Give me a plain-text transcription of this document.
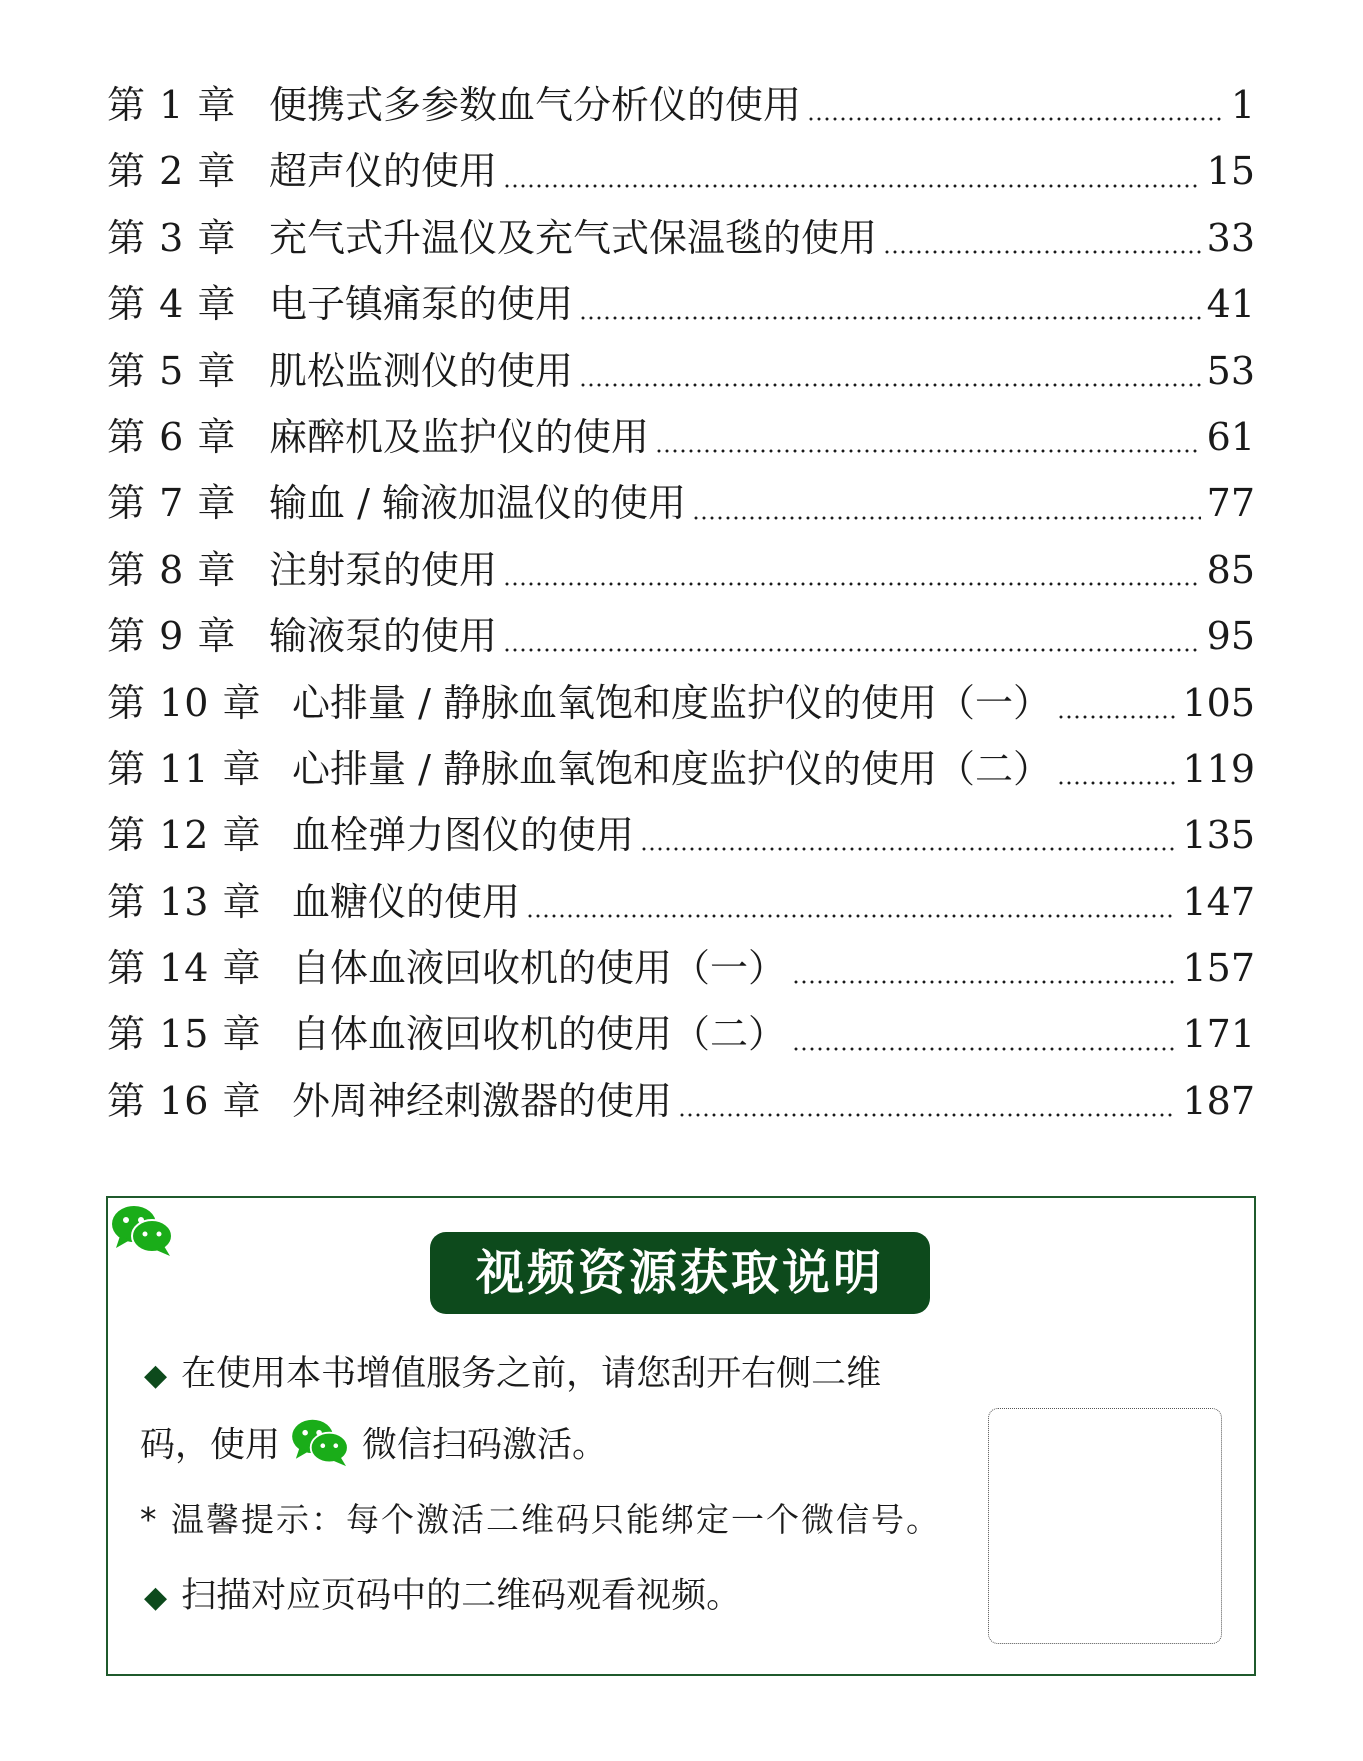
第 1 章 便携式多参数血气分析仪的使用	1
第 2 章 超声仪的使用	15
第 3 章 充气式升温仪及充气式保温毯的使用	33
第 4 章 电子镇痛泵的使用	41
第 5 章 肌松监测仪的使用	53
第 6 章 麻醉机及监护仪的使用	61
第 7 章 输血 / 输液加温仪的使用	77
第 8 章 注射泵的使用	85
第 9 章 输液泵的使用	95
第 10 章 心排量 / 静脉血氧饱和度监护仪的使用（一）	105
第 11 章 心排量 / 静脉血氧饱和度监护仪的使用（二）	119
第 12 章 血栓弹力图仪的使用	135
第 13 章 血糖仪的使用	147
第 14 章 自体血液回收机的使用（一）	157
第 15 章 自体血液回收机的使用（二）	171
第 16 章 外周神经刺激器的使用	187
视频资源获取说明
◆ 在使用本书增值服务之前，请您刮开右侧二维
码，使用 微信扫码激活。
* 温馨提示：每个激活二维码只能绑定一个微信号。
◆ 扫描对应页码中的二维码观看视频。
